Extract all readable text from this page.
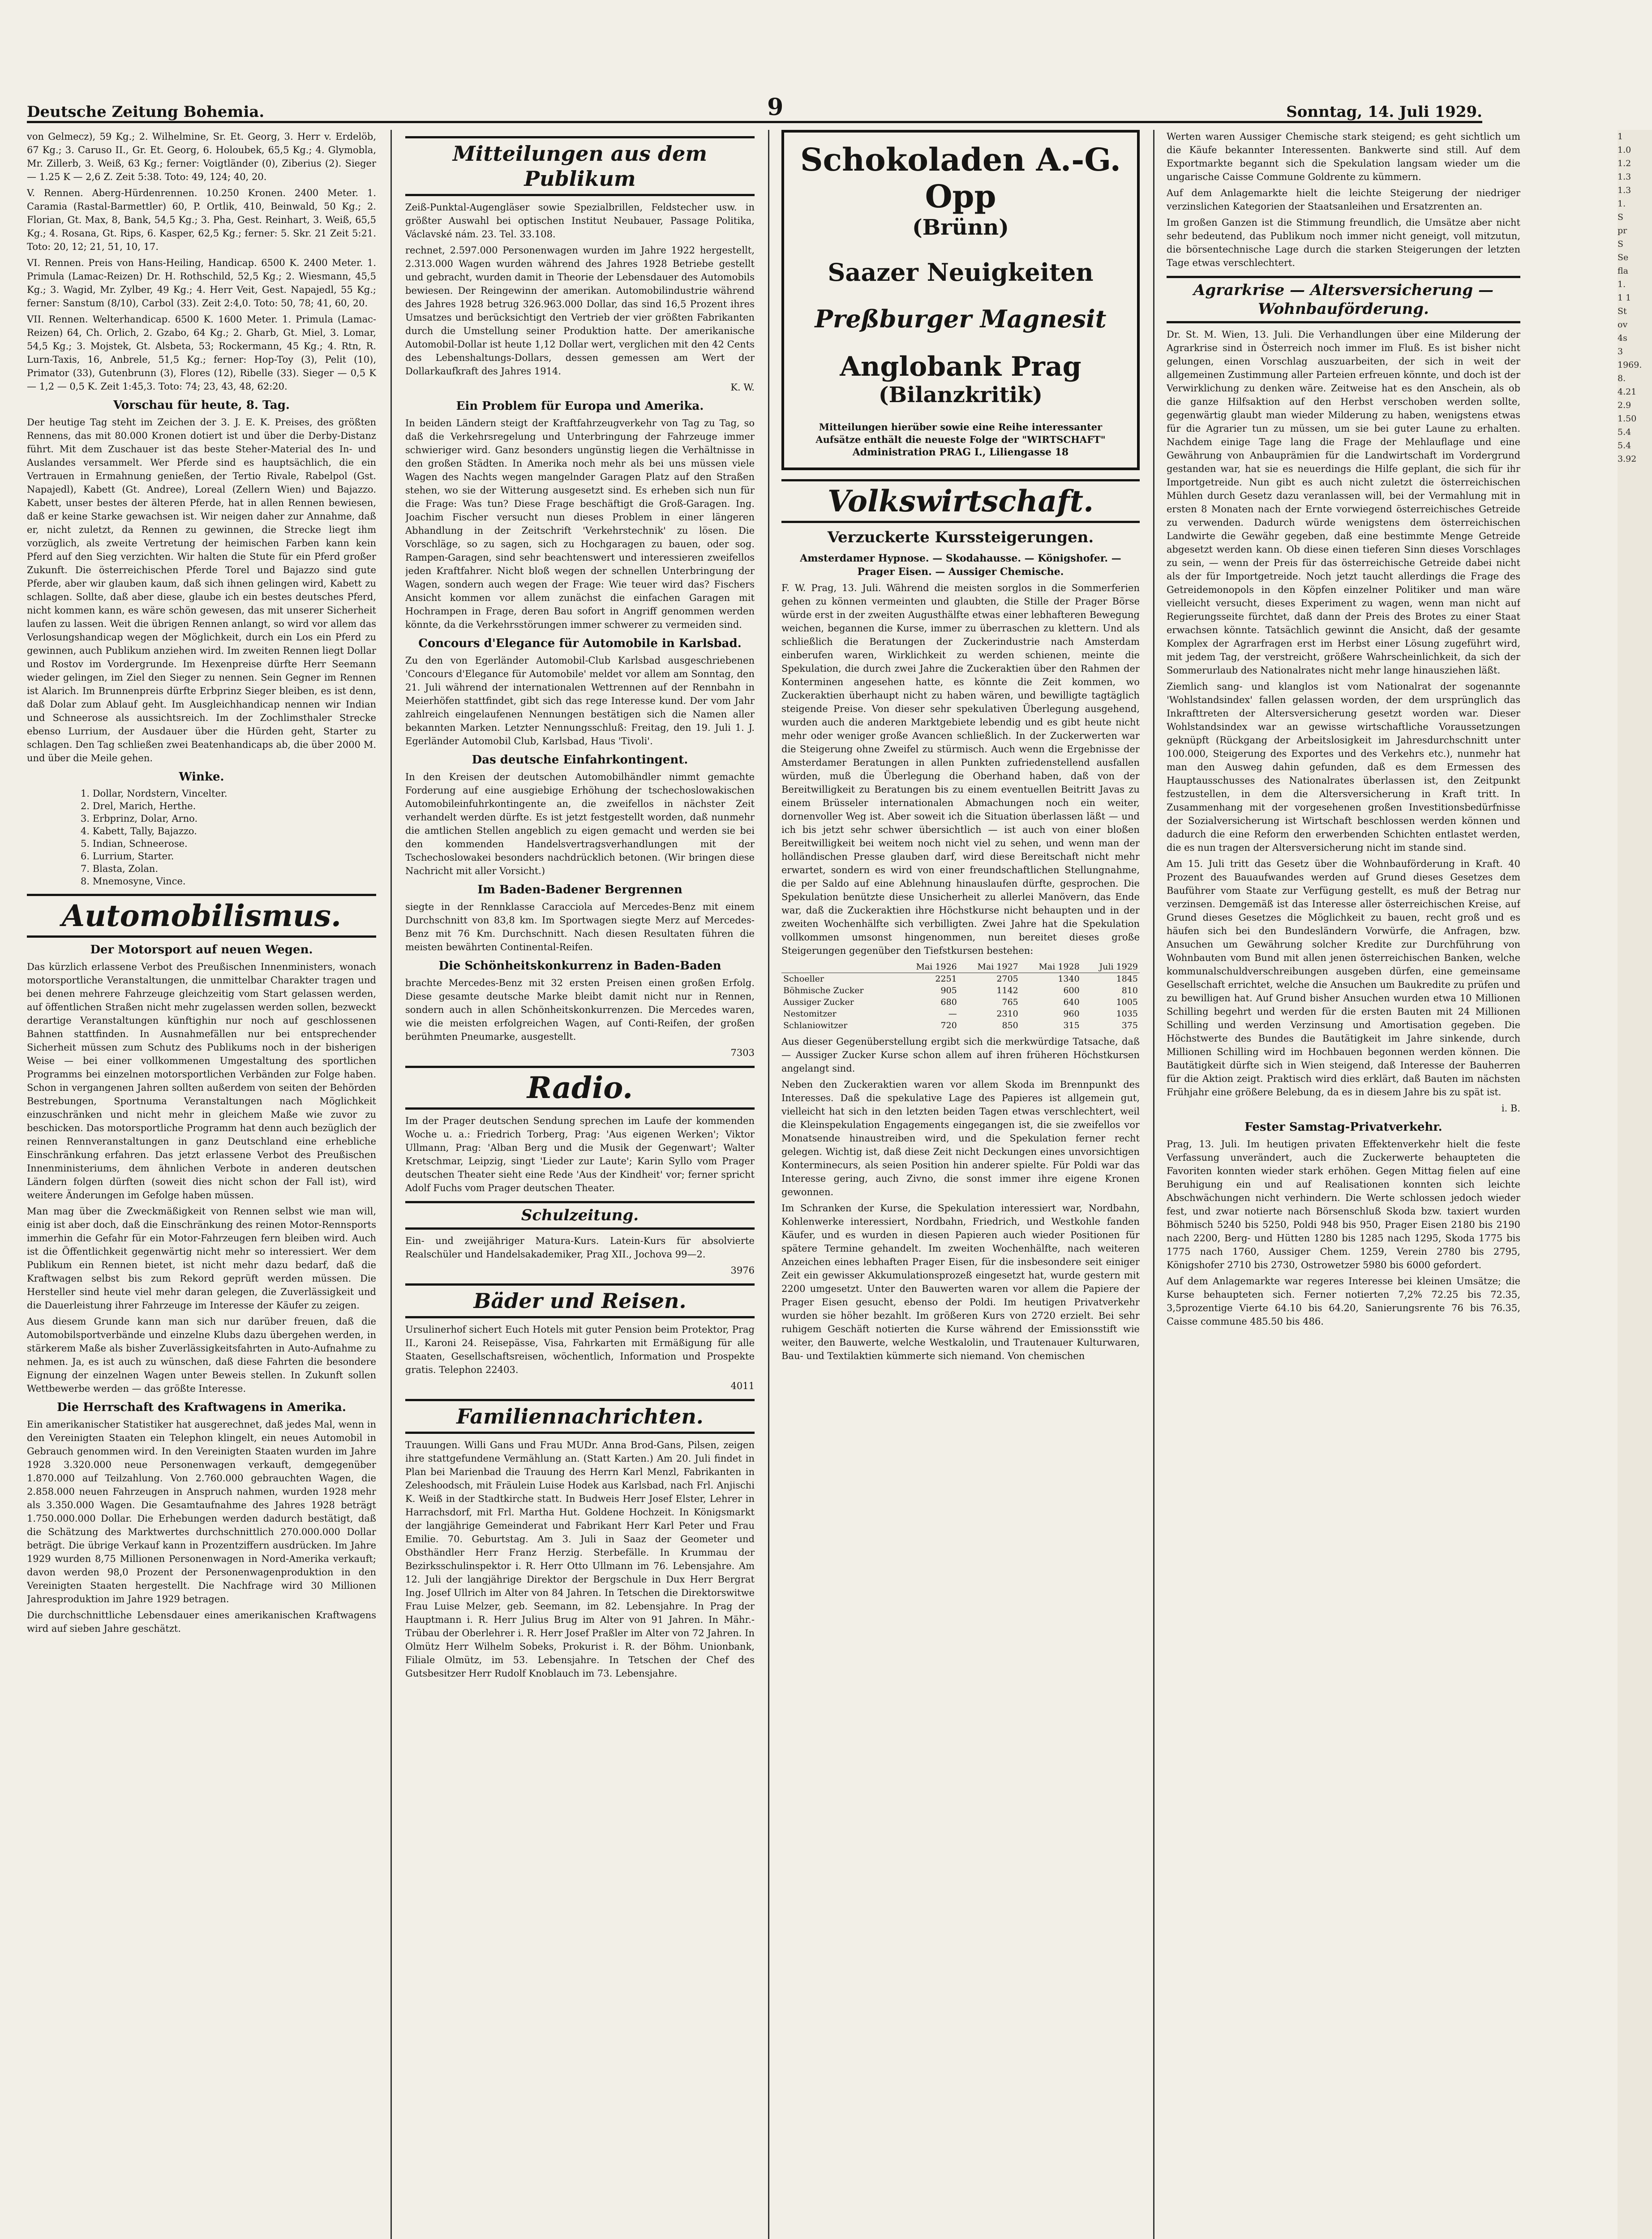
Deutsche Zeitung Bohemia.	9	Sonntag, 14. Juli 1929.

von Gelmecz), 59 Kg.; 2. Wilhelmine, Sr. Et. Georg, 3. Herr v. Erdelöb, 67 Kg.; 3. Caruso II., Gr. Et. Georg, 6. Holoubek, 65,5 Kg.; 4. Glymobla, Mr. Zillerb, 3. Weiß, 63 Kg.; ferner: Voigtländer (0), Ziberius (2). Sieger — 1.25 K — 2,6 Z. Zeit 5:38. Toto: 49, 124; 40, 20.

V. Rennen. Aberg-Hürdenrennen. 10.250 Kronen. 2400 Meter. 1. Caramia (Rastal-Barmettler) 60, P. Ortlik, 410, Beinwald, 50 Kg.; 2. Florian, Gt. Max, 8, Bank, 54,5 Kg.; 3. Pha, Gest. Reinhart, 3. Weiß, 65,5 Kg.; 4. Rosana, Gt. Rips, 6. Kasper, 62,5 Kg.; ferner: 5. Skr. 21 Zeit 5:21. Toto: 20, 12; 21, 51, 10, 17.

VI. Rennen. Preis von Hans-Heiling, Handicap. 6500 K. 2400 Meter. 1. Primula (Lamac-Reizen) Dr. H. Rothschild, 52,5 Kg.; 2. Wiesmann, 45,5 Kg.; 3. Wagid, Mr. Zylber, 49 Kg.; 4. Herr Veit, Gest. Napajedl, 55 Kg.; ferner: Sanstum (8/10), Carbol (33). Zeit 2:4,0. Toto: 50, 78; 41, 60, 20.

VII. Rennen. Welterhandicap. 6500 K. 1600 Meter. 1. Primula (Lamac-Reizen) 64, Ch. Orlich, 2. Gzabo, 64 Kg.; 2. Gharb, Gt. Miel, 3. Lomar, 54,5 Kg.; 3. Mojstek, Gt. Alsbeta, 53; Rockermann, 45 Kg.; 4. Rtn, R. Lurn-Taxis, 16, Anbrele, 51,5 Kg.; ferner: Hop-Toy (3), Pelit (10), Primator (33), Gutenbrunn (3), Flores (12), Ribelle (33). Sieger — 0,5 K — 1,2 — 0,5 K. Zeit 1:45,3. Toto: 74; 23, 43, 48, 62:20.

Vorschau für heute, 8. Tag.

Der heutige Tag steht im Zeichen der 3. J. E. K. Preises, des größten Rennens, das mit 80.000 Kronen dotiert ist und über die Derby-Distanz führt. Mit dem Zuschauer ist das beste Steher-Material des In- und Auslandes versammelt. Wer Pferde sind es hauptsächlich, die ein Vertrauen in Ermahnung genießen, der Tertio Rivale, Rabelpol (Gst. Napajedl), Kabett (Gt. Andree), Loreal (Zellern Wien) und Bajazzo. Kabett, unser bestes der älteren Pferde, hat in allen Rennen bewiesen, daß er keine Starke gewachsen ist. Wir neigen daher zur Annahme, daß er, nicht zuletzt, da Rennen zu gewinnen, die Strecke liegt ihm vorzüglich, als zweite Vertretung der heimischen Farben kann kein Pferd auf den Sieg verzichten. Wir halten die Stute für ein Pferd großer Zukunft. Die österreichischen Pferde Torel und Bajazzo sind gute Pferde, aber wir glauben kaum, daß sich ihnen gelingen wird, Kabett zu schlagen. Sollte, daß aber diese, glaube ich ein bestes deutsches Pferd, nicht kommen kann, es wäre schön gewesen, das mit unserer Sicherheit laufen zu lassen. Weit die übrigen Rennen anlangt, so wird vor allem das Verlosungshandicap wegen der Möglichkeit, durch ein Los ein Pferd zu gewinnen, auch Publikum anziehen wird. Im zweiten Rennen liegt Dollar und Rostov im Vordergrunde. Im Hexenpreise dürfte Herr Seemann wieder gelingen, im Ziel den Sieger zu nennen. Sein Gegner im Rennen ist Alarich. Im Brunnenpreis dürfte Erbprinz Sieger bleiben, es ist denn, daß Dolar zum Ablauf geht. Im Ausgleichhandicap nennen wir Indian und Schneerose als aussichtsreich. Im der Zochlimsthaler Strecke ebenso Lurrium, der Ausdauer über die Hürden geht, Starter zu schlagen. Den Tag schließen zwei Beatenhandicaps ab, die über 2000 M. und über die Meile gehen.

Winke.
1. Dollar, Nordstern, Vincelter.
2. Drel, Marich, Herthe.
3. Erbprinz, Dolar, Arno.
4. Kabett, Tally, Bajazzo.
5. Indian, Schneerose.
6. Lurrium, Starter.
7. Blasta, Zolan.
8. Mnemosyne, Vince.
Automobilismus.
Der Motorsport auf neuen Wegen.

Das kürzlich erlassene Verbot des Preußischen Innenministers, wonach motorsportliche Veranstaltungen, die unmittelbar Charakter tragen und bei denen mehrere Fahrzeuge gleichzeitig vom Start gelassen werden, auf öffentlichen Straßen nicht mehr zugelassen werden sollen, bezweckt derartige Veranstaltungen künftighin nur noch auf geschlossenen Bahnen stattfinden. In Ausnahmefällen nur bei entsprechender Sicherheit müssen zum Schutz des Publikums noch in der bisherigen Weise — bei einer vollkommenen Umgestaltung des sportlichen Programms bei einzelnen motorsportlichen Verbänden zur Folge haben. Schon in vergangenen Jahren sollten außerdem von seiten der Behörden Bestrebungen, Sportnuma Veranstaltungen nach Möglichkeit einzuschränken und nicht mehr in gleichem Maße wie zuvor zu beschicken. Das motorsportliche Programm hat denn auch bezüglich der reinen Rennveranstaltungen in ganz Deutschland eine erhebliche Einschränkung erfahren. Das jetzt erlassene Verbot des Preußischen Innenministeriums, dem ähnlichen Verbote in anderen deutschen Ländern folgen dürften (soweit dies nicht schon der Fall ist), wird weitere Änderungen im Gefolge haben müssen.

Man mag über die Zweckmäßigkeit von Rennen selbst wie man will, einig ist aber doch, daß die Einschränkung des reinen Motor-Rennsports immerhin die Gefahr für ein Motor-Fahrzeugen fern bleiben wird. Auch ist die Öffentlichkeit gegenwärtig nicht mehr so interessiert. Wer dem Publikum ein Rennen bietet, ist nicht mehr dazu bedarf, daß die Kraftwagen selbst bis zum Rekord geprüft werden müssen. Die Hersteller sind heute viel mehr daran gelegen, die Zuverlässigkeit und die Dauerleistung ihrer Fahrzeuge im Interesse der Käufer zu zeigen.

Aus diesem Grunde kann man sich nur darüber freuen, daß die Automobilsportverbände und einzelne Klubs dazu übergehen werden, in stärkerem Maße als bisher Zuverlässigkeitsfahrten in Auto-Aufnahme zu nehmen. Ja, es ist auch zu wünschen, daß diese Fahrten die besondere Eignung der einzelnen Wagen unter Beweis stellen. In Zukunft sollen Wettbewerbe werden — das größte Interesse.

Die Herrschaft des Kraftwagens in Amerika.

Ein amerikanischer Statistiker hat ausgerechnet, daß jedes Mal, wenn in den Vereinigten Staaten ein Telephon klingelt, ein neues Automobil in Gebrauch genommen wird. In den Vereinigten Staaten wurden im Jahre 1928 3.320.000 neue Personenwagen verkauft, demgegenüber 1.870.000 auf Teilzahlung. Von 2.760.000 gebrauchten Wagen, die 2.858.000 neuen Fahrzeugen in Anspruch nahmen, wurden 1928 mehr als 3.350.000 Wagen. Die Gesamtaufnahme des Jahres 1928 beträgt 1.750.000.000 Dollar. Die Erhebungen werden dadurch bestätigt, daß die Schätzung des Marktwertes durchschnittlich 270.000.000 Dollar beträgt. Die übrige Verkauf kann in Prozentziffern ausdrücken. Im Jahre 1929 wurden 8,75 Millionen Personenwagen in Nord-Amerika verkauft; davon werden 98,0 Prozent der Personenwagenproduktion in den Vereinigten Staaten hergestellt. Die Nachfrage wird 30 Millionen Jahresproduktion im Jahre 1929 betragen.

Die durchschnittliche Lebensdauer eines amerikanischen Kraftwagens wird auf sieben Jahre geschätzt.

Mitteilungen aus dem Publikum

Zeiß-Punktal-Augengläser sowie Spezialbrillen, Feldstecher usw. in größter Auswahl bei optischen Institut Neubauer, Passage Politika, Václavské nám. 23. Tel. 33.108.

rechnet, 2.597.000 Personenwagen wurden im Jahre 1922 hergestellt, 2.313.000 Wagen wurden während des Jahres 1928 Betriebe gestellt und gebracht, wurden damit in Theorie der Lebensdauer des Automobils bewiesen. Der Reingewinn der amerikan. Automobilindustrie während des Jahres 1928 betrug 326.963.000 Dollar, das sind 16,5 Prozent ihres Umsatzes und berücksichtigt den Vertrieb der vier größten Fabrikanten durch die Umstellung seiner Produktion hatte. Der amerikanische Automobil-Dollar ist heute 1,12 Dollar wert, verglichen mit den 42 Cents des Lebenshaltungs-Dollars, dessen gemessen am Wert der Dollarkaufkraft des Jahres 1914.

K. W.

Ein Problem für Europa und Amerika.

In beiden Ländern steigt der Kraftfahrzeugverkehr von Tag zu Tag, so daß die Verkehrsregelung und Unterbringung der Fahrzeuge immer schwieriger wird. Ganz besonders ungünstig liegen die Verhältnisse in den großen Städten. In Amerika noch mehr als bei uns müssen viele Wagen des Nachts wegen mangelnder Garagen Platz auf den Straßen stehen, wo sie der Witterung ausgesetzt sind. Es erheben sich nun für die Frage: Was tun? Diese Frage beschäftigt die Groß-Garagen. Ing. Joachim Fischer versucht nun dieses Problem in einer längeren Abhandlung in der Zeitschrift 'Verkehrstechnik' zu lösen. Die Vorschläge, so zu sagen, sich zu Hochgaragen zu bauen, oder sog. Rampen-Garagen, sind sehr beachtenswert und interessieren zweifellos jeden Kraftfahrer. Nicht bloß wegen der schnellen Unterbringung der Wagen, sondern auch wegen der Frage: Wie teuer wird das? Fischers Ansicht kommen vor allem zunächst die einfachen Garagen mit Hochrampen in Frage, deren Bau sofort in Angriff genommen werden könnte, da die Verkehrsstörungen immer schwerer zu vermeiden sind.

Concours d'Elegance für Automobile in Karlsbad.

Zu den von Egerländer Automobil-Club Karlsbad ausgeschriebenen 'Concours d'Elegance für Automobile' meldet vor allem am Sonntag, den 21. Juli während der internationalen Wettrennen auf der Rennbahn in Meierhöfen stattfindet, gibt sich das rege Interesse kund. Der vom Jahr zahlreich eingelaufenen Nennungen bestätigen sich die Namen aller bekannten Marken. Letzter Nennungsschluß: Freitag, den 19. Juli 1. J. Egerländer Automobil Club, Karlsbad, Haus 'Tivoli'.

Das deutsche Einfahrkontingent.

In den Kreisen der deutschen Automobilhändler nimmt gemachte Forderung auf eine ausgiebige Erhöhung der tschechoslowakischen Automobileinfuhrkontingente an, die zweifellos in nächster Zeit verhandelt werden dürfte. Es ist jetzt festgestellt worden, daß nunmehr die amtlichen Stellen angeblich zu eigen gemacht und werden sie bei den kommenden Handelsvertragsverhandlungen mit der Tschechoslowakei besonders nachdrücklich betonen. (Wir bringen diese Nachricht mit aller Vorsicht.)

Im Baden-Badener Bergrennen

siegte in der Rennklasse Caracciola auf Mercedes-Benz mit einem Durchschnitt von 83,8 km. Im Sportwagen siegte Merz auf Mercedes-Benz mit 76 Km. Durchschnitt. Nach diesen Resultaten führen die meisten bewährten Continental-Reifen.

Die Schönheitskonkurrenz in Baden-Baden

brachte Mercedes-Benz mit 32 ersten Preisen einen großen Erfolg. Diese gesamte deutsche Marke bleibt damit nicht nur in Rennen, sondern auch in allen Schönheitskonkurrenzen. Die Mercedes waren, wie die meisten erfolgreichen Wagen, auf Conti-Reifen, der großen berühmten Pneumarke, ausgestellt.

7303

Radio.

Im der Prager deutschen Sendung sprechen im Laufe der kommenden Woche u. a.: Friedrich Torberg, Prag: 'Aus eigenen Werken'; Viktor Ullmann, Prag: 'Alban Berg und die Musik der Gegenwart'; Walter Kretschmar, Leipzig, singt 'Lieder zur Laute'; Karin Syllo vom Prager deutschen Theater sieht eine Rede 'Aus der Kindheit' vor; ferner spricht Adolf Fuchs vom Prager deutschen Theater.

Schulzeitung.

Ein- und zweijähriger Matura-Kurs. Latein-Kurs für absolvierte Realschüler und Handelsakademiker, Prag XII., Jochova 99—2.

3976

Bäder und Reisen.

Ursulinerhof sichert Euch Hotels mit guter Pension beim Protektor, Prag II., Karoni 24. Reisepässe, Visa, Fahrkarten mit Ermäßigung für alle Staaten, Gesellschaftsreisen, wöchentlich, Information und Prospekte gratis. Telephon 22403.

4011

Familiennachrichten.

Trauungen. Willi Gans und Frau MUDr. Anna Brod-Gans, Pilsen, zeigen ihre stattgefundene Vermählung an. (Statt Karten.) Am 20. Juli findet in Plan bei Marienbad die Trauung des Herrn Karl Menzl, Fabrikanten in Zeleshoodsch, mit Fräulein Luise Hodek aus Karlsbad, nach Frl. Anjischi K. Weiß in der Stadtkirche statt. In Budweis Herr Josef Elster, Lehrer in Harrachsdorf, mit Frl. Martha Hut. Goldene Hochzeit. In Königsmarkt der langjährige Gemeinderat und Fabrikant Herr Karl Peter und Frau Emilie. 70. Geburtstag. Am 3. Juli in Saaz der Geometer und Obsthändler Herr Franz Herzig. Sterbefälle. In Krummau der Bezirksschulinspektor i. R. Herr Otto Ullmann im 76. Lebensjahre. Am 12. Juli der langjährige Direktor der Bergschule in Dux Herr Bergrat Ing. Josef Ullrich im Alter von 84 Jahren. In Tetschen die Direktorswitwe Frau Luise Melzer, geb. Seemann, im 82. Lebensjahre. In Prag der Hauptmann i. R. Herr Julius Brug im Alter von 91 Jahren. In Mähr.-Trübau der Oberlehrer i. R. Herr Josef Praßler im Alter von 72 Jahren. In Olmütz Herr Wilhelm Sobeks, Prokurist i. R. der Böhm. Unionbank, Filiale Olmütz, im 53. Lebensjahre. In Tetschen der Chef des Gutsbesitzer Herr Rudolf Knoblauch im 73. Lebensjahre.

Schokoladen A.-G. Opp
(Brünn)
Saazer Neuigkeiten
Preßburger Magnesit
Anglobank Prag
(Bilanzkritik)
Mitteilungen hierüber sowie eine Reihe interessanter Aufsätze enthält die neueste Folge der "WIRTSCHAFT"
Administration PRAG I., Liliengasse 18
Volkswirtschaft.
Verzuckerte Kurssteigerungen.
Amsterdamer Hypnose. — Skodahausse. — Königshofer. — Prager Eisen. — Aussiger Chemische.

F. W. Prag, 13. Juli. Während die meisten sorglos in die Sommerferien gehen zu können vermeinten und glaubten, die Stille der Prager Börse würde erst in der zweiten Augusthälfte etwas einer lebhafteren Bewegung weichen, begannen die Kurse, immer zu überraschen zu klettern. Und als schließlich die Beratungen der Zuckerindustrie nach Amsterdam einberufen waren, Wirklichkeit zu werden schienen, meinte die Spekulation, die durch zwei Jahre die Zuckeraktien über den Rahmen der Konterminen angesehen hatte, es könnte die Zeit kommen, wo Zuckeraktien überhaupt nicht zu haben wären, und bewilligte tagtäglich steigende Preise. Von dieser sehr spekulativen Überlegung ausgehend, wurden auch die anderen Marktgebiete lebendig und es gibt heute nicht mehr oder weniger große Avancen schließlich. In der Zuckerwerten war die Steigerung ohne Zweifel zu stürmisch. Auch wenn die Ergebnisse der Amsterdamer Beratungen in allen Punkten zufriedenstellend ausfallen würden, muß die Überlegung die Oberhand haben, daß von der Bereitwilligkeit zu Beratungen bis zu einem eventuellen Beitritt Javas zu einem Brüsseler internationalen Abmachungen noch ein weiter, dornenvoller Weg ist. Aber soweit ich die Situation überlassen läßt — und ich bis jetzt sehr schwer übersichtlich — ist auch von einer bloßen Bereitwilligkeit bei weitem noch nicht viel zu sehen, und wenn man der holländischen Presse glauben darf, wird diese Bereitschaft nicht mehr erwartet, sondern es wird von einer freundschaftlichen Stellungnahme, die per Saldo auf eine Ablehnung hinauslaufen dürfte, gesprochen. Die Spekulation benützte diese Unsicherheit zu allerlei Manövern, das Ende war, daß die Zuckeraktien ihre Höchstkurse nicht behaupten und in der zweiten Wochenhälfte sich verbilligten. Zwei Jahre hat die Spekulation vollkommen umsonst hingenommen, nun bereitet dieses große Steigerungen gegenüber den Tiefstkursen bestehen:

	Mai 1926	Mai 1927	Mai 1928	Juli 1929
Schoeller	2251	2705	1340	1845
Böhmische Zucker	905	1142	600	810
Aussiger Zucker	680	765	640	1005
Nestomitzer	—	2310	960	1035
Schlaniowitzer	720	850	315	375

Aus dieser Gegenüberstellung ergibt sich die merkwürdige Tatsache, daß — Aussiger Zucker Kurse schon allem auf ihren früheren Höchstkursen angelangt sind.

Neben den Zuckeraktien waren vor allem Skoda im Brennpunkt des Interesses. Daß die spekulative Lage des Papieres ist allgemein gut, vielleicht hat sich in den letzten beiden Tagen etwas verschlechtert, weil die Kleinspekulation Engagements eingegangen ist, die sie zweifellos vor Monatsende hinaustreiben wird, und die Spekulation ferner recht gelegen. Wichtig ist, daß diese Zeit nicht Deckungen eines unvorsichtigen Konterminecurs, als seien Position hin anderer spielte. Für Poldi war das Interesse gering, auch Zivno, die sonst immer ihre eigene Kronen gewonnen.

Im Schranken der Kurse, die Spekulation interessiert war, Nordbahn, Kohlenwerke interessiert, Nordbahn, Friedrich, und Westkohle fanden Käufer, und es wurden in diesen Papieren auch wieder Positionen für spätere Termine gehandelt. Im zweiten Wochenhälfte, nach weiteren Anzeichen eines lebhaften Prager Eisen, für die insbesondere seit einiger Zeit ein gewisser Akkumulationsprozeß eingesetzt hat, wurde gestern mit 2200 umgesetzt. Unter den Bauwerten waren vor allem die Papiere der Prager Eisen gesucht, ebenso der Poldi. Im heutigen Privatverkehr wurden sie höher bezahlt. Im größeren Kurs von 2720 erzielt. Bei sehr ruhigem Geschäft notierten die Kurse während der Emissionsstift wie weiter, den Bauwerte, welche Westkalolin, und Trautenauer Kulturwaren, Bau- und Textilaktien kümmerte sich niemand. Von chemischen

Werten waren Aussiger Chemische stark steigend; es geht sichtlich um die Käufe bekannter Interessenten. Bankwerte sind still. Auf dem Exportmarkte begannt sich die Spekulation langsam wieder um die ungarische Caisse Commune Goldrente zu kümmern.

Auf dem Anlagemarkte hielt die leichte Steigerung der niedriger verzinslichen Kategorien der Staatsanleihen und Ersatzrenten an.

Im großen Ganzen ist die Stimmung freundlich, die Umsätze aber nicht sehr bedeutend, das Publikum noch immer nicht geneigt, voll mitzutun, die börsentechnische Lage durch die starken Steigerungen der letzten Tage etwas verschlechtert.

Agrarkrise — Altersversicherung — Wohnbauförderung.

Dr. St. M. Wien, 13. Juli. Die Verhandlungen über eine Milderung der Agrarkrise sind in Österreich noch immer im Fluß. Es ist bisher nicht gelungen, einen Vorschlag auszuarbeiten, der sich in weit der allgemeinen Zustimmung aller Parteien erfreuen könnte, und doch ist der Verwirklichung zu denken wäre. Zeitweise hat es den Anschein, als ob die ganze Hilfsaktion auf den Herbst verschoben werden sollte, gegenwärtig glaubt man wieder Milderung zu haben, wenigstens etwas für die Agrarier tun zu müssen, um sie bei guter Laune zu erhalten. Nachdem einige Tage lang die Frage der Mehlauflage und eine Gewährung von Anbauprämien für die Landwirtschaft im Vordergrund gestanden war, hat sie es neuerdings die Hilfe geplant, die sich für ihr Importgetreide. Nun gibt es auch nicht zuletzt die österreichischen Mühlen durch Gesetz dazu veranlassen will, bei der Vermahlung mit in ersten 8 Monaten nach der Ernte vorwiegend österreichisches Getreide zu verwenden. Dadurch würde wenigstens dem österreichischen Landwirte die Gewähr gegeben, daß eine bestimmte Menge Getreide abgesetzt werden kann. Ob diese einen tieferen Sinn dieses Vorschlages zu sein, — wenn der Preis für das österreichische Getreide dabei nicht als der für Importgetreide. Noch jetzt taucht allerdings die Frage des Getreidemonopols in den Köpfen einzelner Politiker und man wäre vielleicht versucht, dieses Experiment zu wagen, wenn man nicht auf Regierungsseite fürchtet, daß dann der Preis des Brotes zu einer Staat erwachsen könnte. Tatsächlich gewinnt die Ansicht, daß der gesamte Komplex der Agrarfragen erst im Herbst einer Lösung zugeführt wird, mit jedem Tag, der verstreicht, größere Wahrscheinlichkeit, da sich der Sommerurlaub des Nationalrates nicht mehr lange hinausziehen läßt.

Ziemlich sang- und klanglos ist vom Nationalrat der sogenannte 'Wohlstandsindex' fallen gelassen worden, der dem ursprünglich das Inkrafttreten der Altersversicherung gesetzt worden war. Dieser Wohlstandsindex war an gewisse wirtschaftliche Voraussetzungen geknüpft (Rückgang der Arbeitslosigkeit im Jahresdurchschnitt unter 100.000, Steigerung des Exportes und des Verkehrs etc.), nunmehr hat man den Ausweg dahin gefunden, daß es dem Ermessen des Hauptausschusses des Nationalrates überlassen ist, den Zeitpunkt festzustellen, in dem die Altersversicherung in Kraft tritt. In Zusammenhang mit der vorgesehenen großen Investitionsbedürfnisse der Sozialversicherung ist Wirtschaft beschlossen werden können und dadurch die eine Reform den erwerbenden Schichten entlastet werden, die es nun tragen der Altersversicherung nicht im stande sind.

Am 15. Juli tritt das Gesetz über die Wohnbauförderung in Kraft. 40 Prozent des Bauaufwandes werden auf Grund dieses Gesetzes dem Bauführer vom Staate zur Verfügung gestellt, es muß der Betrag nur verzinsen. Demgemäß ist das Interesse aller österreichischen Kreise, auf Grund dieses Gesetzes die Möglichkeit zu bauen, recht groß und es häufen sich bei den Bundesländern Vorwürfe, die Anfragen, bzw. Ansuchen um Gewährung solcher Kredite zur Durchführung von Wohnbauten vom Bund mit allen jenen österreichischen Banken, welche kommunalschuldverschreibungen ausgeben dürfen, eine gemeinsame Gesellschaft errichtet, welche die Ansuchen um Baukredite zu prüfen und zu bewilligen hat. Auf Grund bisher Ansuchen wurden etwa 10 Millionen Schilling begehrt und werden für die ersten Bauten mit 24 Millionen Schilling und werden Verzinsung und Amortisation gegeben. Die Höchstwerte des Bundes die Bautätigkeit im Jahre sinkende, durch Millionen Schilling wird im Hochbauen begonnen werden können. Die Bautätigkeit dürfte sich in Wien steigend, daß Interesse der Bauherren für die Aktion zeigt. Praktisch wird dies erklärt, daß Bauten im nächsten Frühjahr eine größere Belebung, da es in diesem Jahre bis zu spät ist.

i. B.

Fester Samstag-Privatverkehr.

Prag, 13. Juli. Im heutigen privaten Effektenverkehr hielt die feste Verfassung unverändert, auch die Zuckerwerte behaupteten die Favoriten konnten wieder stark erhöhen. Gegen Mittag fielen auf eine Beruhigung ein und auf Realisationen konnten sich leichte Abschwächungen nicht verhindern. Die Werte schlossen jedoch wieder fest, und zwar notierte nach Börsenschluß Skoda bzw. taxiert wurden Böhmisch 5240 bis 5250, Poldi 948 bis 950, Prager Eisen 2180 bis 2190 nach 2200, Berg- und Hütten 1280 bis 1285 nach 1295, Skoda 1775 bis 1775 nach 1760, Aussiger Chem. 1259, Verein 2780 bis 2795, Königshofer 2710 bis 2730, Ostrowetzer 5980 bis 6000 gefordert.

Auf dem Anlagemarkte war regeres Interesse bei kleinen Umsätze; die Kurse behaupteten sich. Ferner notierten 7,2% 72.25 bis 72.35, 3,5prozentige Vierte 64.10 bis 64.20, Sanierungsrente 76 bis 76.35, Caisse commune 485.50 bis 486.

1
1.0
1.2
1.3
1.3
1.
S
pr
S
Se
fla
1.
1 1
St
ov
4s
3
1969.
8.
4.21
2.9
1.50
5.4
5.4
3.92
